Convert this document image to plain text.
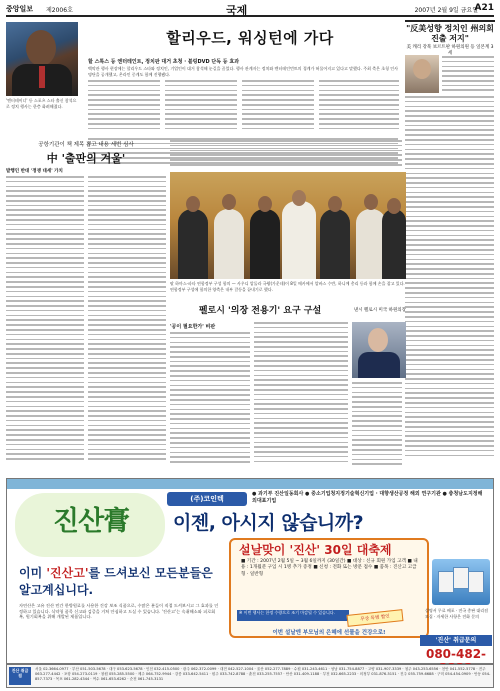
중앙일보 제2006호	국제	2007년 2월 9일 금요일
A21
'엔터테이너' 등 스포츠 스타 출신 참석으로 정치 행사는 한층 화려해졌다.
할리우드, 워싱턴에 가다
할 스톡스 등 엔터테인트, 정치판 대거 초청 · 블링DVD 단독 등 효과
백악관 행사 현장에는 할리우드 스타와 정치인, 기업인이 대거 참석해 눈길을 끌었다. 행사 관계자는 정치와 엔터테인먼트의 경계가 허물어지고 있다고 말했다. 주최 측은 초청 인사 명단을 공개했고, 온라인 중계도 함께 진행됐다.
"反美성향 정치인 州의회 진출 저지"
美 캐리 강북 보르트판 하원의원 등 일본계 3세
공항기관이 책 제목 뽑고 내용 세번 심사
中 '출판의 겨울'
발행인 반대 '정쟁 대세' 가치
팔 하마스·파타 연합정부 구성 합의 — 사우디 압둘라 국왕(가운데)이 8일 메카에서 압바스 수반, 하니예 총리 등과 함께 손을 잡고 있다. 연합정부 구성에 합의한 양측은 내부 갈등을 끝내기로 했다.
펠로시 '의장 전용기' 요구 구설
'공이 필요한가' 비판
낸시 펠로시 미국 하원의장
진산膏
(주)코인텍
● 과기부 진산일동회사 ● 중소기업청지정기술혁신기업 · 대향생산공정 해외 연구기관 ● 충청남도지정해외대표기업
이젠, 아시지 않습니까?
이미 '진산고'를 드셔보신 모든분들은 알고계십니다.
자연산은 고유 진산 민간 한방원료를 사용한 건강 보조 식품으로, 수많은 분들이 직접 드셔보시고 그 효과를 인정하고 있습니다. 식약청 품목 신고와 검증을 거쳐 안심하고 드실 수 있습니다. '진산고'는 숙취해소와 피로회복, 원기회복을 위해 개발된 제품입니다.
설날맞이 '진산' 30일 대축제
■ 기간 : 2007년 2월 5일 ~ 3월 6일까지 (30일간) ■ 대상 : 신규 회원 가입 고객 ■ 내용 : 1개월분 구입 시 1병 추가 증정 ■ 신청 : 전화 또는 방문 접수 ■ 품목 : 진산고 고급형 · 일반형
※ 이번 행사는 한정 수량으로 조기 마감될 수 있습니다.
무상 특별 할인
이번 설날엔 부모님의 은혜에 선물을 건강으로!
설명서 무료 배포 · 전국 총판 대리점 모집 · 자세한 사항은 전화 문의
'진산' 취급문의
080-482-
진산 취급점
서울 02-3664-0977 · 부산 051-503-5678 · 대구 053-623-5678 · 인천 032-415-0500 · 광주 062-372-0099 · 대전 042-527-1004 · 울산 052-277-7889 · 수원 031-243-4611 · 성남 031-754-8877 · 고양 031-907-3339 · 청주 043-253-6556 · 천안 041-552-5778 · 전주 063-277-4442 · 포항 054-273-0119 · 창원 055-285-5500 · 제주 064-752-9944 · 강릉 033-642-5411 · 원주 033-742-8788 · 춘천 033-255-7557 · 안산 031-409-1188 · 부천 032-665-2233 · 의정부 031-876-5151 · 진주 055-759-6688 · 구미 054-454-0909 · 안동 054-857-7373 · 목포 061-282-4344 · 여수 061-653-6262 · 순천 061-745-3131
